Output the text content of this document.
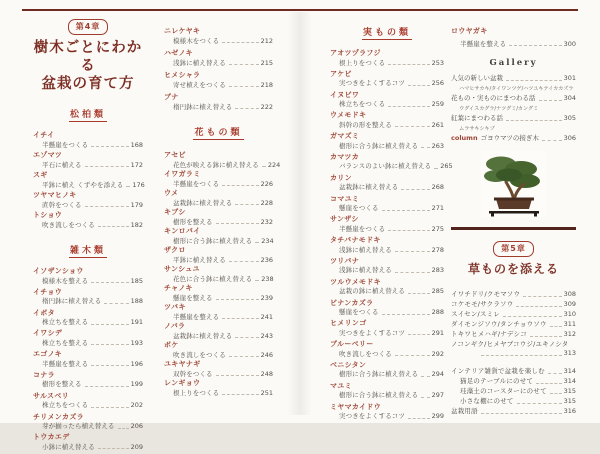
第4章
樹木ごとにわかる
盆栽の育て方
松柏類
イチイ
半懸崖をつくる	168
エゾマツ
平石に植える	172
スギ
平鉢に植え くずやを添える 176
ツヤマヒノキ
直幹をつくる	179
トショウ
吹き流しをつくる	182
雑木類
イソザンショウ
模様木を整える	185
イチョウ
楕円鉢に植え替える	188
イボタ
株立ちを整える	191
イワシデ
株立ちを整える	193
エゴノキ
半懸崖を整える	196
コナラ
樹形を整える	199
サルスベリ
株立ちをつくる	202
チリメンカズラ
芽が揃ったら植え替える 206
トウカエデ
小鉢に植え替える	209
ニレケヤキ
模様木をつくる	212
ハゼノキ
浅鉢に植え替える	215
ヒメシャラ
寄せ植えをつくる	218
ブナ
楕円鉢に植え替える	222
花もの類
アセビ
花色が映える鉢に植え替える 224
イワガラミ
半懸崖をつくる	226
ウメ
盆栽鉢に植え替える	228
キブシ
樹形を整える	232
キンロバイ
樹形に合う鉢に植え替える 234
ザクロ
平鉢に植え替える	236
サンシュユ
花色に合う鉢に植え替える 238
チャノキ
懸崖を整える	239
ツバキ
半懸崖を整える	241
ノバラ
盆栽鉢に植え替える	243
ボケ
吹き流しをつくる	246
ユキヤナギ
双幹をつくる	248
レンギョウ
根上りをつくる	251
実もの類
アオツヅラフジ
根上りをつくる	253
アケビ
実つきをよくするコツ	256
イヌビワ
株立ちをつくる	259
ウメモドキ
斜幹の形を整える	261
ガマズミ
樹形に合う鉢に植え替える 263
カマツカ
バランスのよい鉢に植え替える 265
カリン
盆栽鉢に植え替える	268
コマユミ
懸崖をつくる	271
サンザシ
半懸崖をつくる	275
タチバナモドキ
浅鉢に植え替える	278
ツリバナ
浅鉢に植え替える	283
ツルウメモドキ
盆栽の鉢に植え替える	285
ビナンカズラ
懸崖をつくる	288
ヒメリンゴ
実つきをよくするコツ	291
ブルーベリー
吹き流しをつくる	292
ベニシタン
樹形に合う鉢に植え替える 294
マユミ
樹形に合う鉢に植え替える 297
ミヤマカイドウ
実つきをよくするコツ	299
ロウヤガキ
半懸崖を整える	300
Gallery
人気の新しい盆栽	301
ハマヒサカキ/タイワンツゲ/ハツユキテイカカズラ
花もの・実ものにまつわる話	304
ウグイスカグラ/ナツグミ/カングミ
紅葉にまつわる話	305
ムラサキシキブ
column ゴヨウマツの接ぎ木	306
第5章
草ものを添える
イワチドリ/クモマソウ	308
コケモモ/サクラソウ	309
スイセン/スミレ	310
ダイモンジソウ/タンチョウソウ	311
トキワヒメハギ/ナデシコ	312
ノコンギク/ヒメヤブコウジ/ユキノシタ
313
インテリア雑貨で盆栽を楽しむ	314
猫足のテーブルにのせて	314
珪藻土のコースターにのせて	315
小さな棚にのせて	315
盆栽用語	316
